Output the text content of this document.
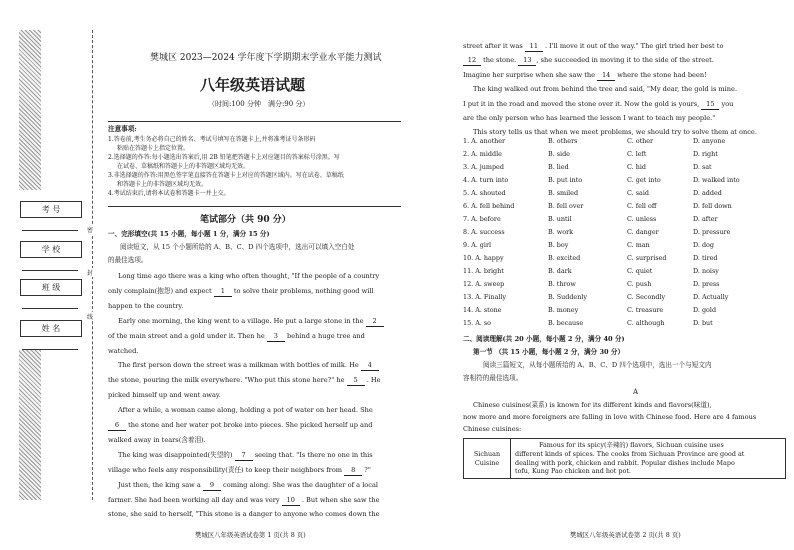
考 号
学 校
班 级
姓 名
密
封
线
樊城区 2023—2024 学年度下学期期末学业水平能力测试
八年级英语试题
（时间:100 分钟　满分:90 分）
注意事项:
1.答卷前,考生务必将自己的姓名、考试号填写在答题卡上,并将准考证号条形码
粘贴在答题卡上指定位置。
2.选择题的作答:每小题选出答案后,用 2B 铅笔把答题卡上对应题目的答案标号涂黑。写
在试卷、草稿纸和答题卡上的非答题区域均无效。
3.非选择题的作答:用黑色签字笔直接答在答题卡上对应的答题区域内。写在试卷、草稿纸
和答题卡上的非答题区域均无效。
4.考试结束后,请将本试卷和答题卡一并上交。
笔试部分（共 90 分）
一、完形填空(共 15 小题，每小题 1 分，满分 15 分)
阅读短文，从 15 个小题所给的 A、B、C、D 四个选项中，选出可以填入空白处
的最佳选项。
Long time ago there was a king who often thought, "If the people of a country
only complain(抱怨) and expect 1 to solve their problems, nothing good will
happen to the country.
Early one morning, the king went to a village. He put a large stone in the 2
of the main street and a gold under it. Then he 3 behind a huge tree and
watched.
The first person down the street was a milkman with bottles of milk. He 4
the stone, pouring the milk everywhere. "Who put this stone here?" he 5 . He
picked himself up and went away.
After a while, a woman came along, holding a pot of water on her head. She
6 the stone and her water pot broke into pieces. She picked herself up and
walked away in tears(含着泪).
The king was disappointed(失望的) 7 seeing that. "Is there no one in this
village who feels any responsibility(责任) to keep their neighbors from 8 ?"
Just then, the king saw a 9 coming along. She was the daughter of a local
farmer. She had been working all day and was very 10 . But when she saw the
stone, she said to herself, "This stone is a danger to anyone who comes down the
樊城区八年级英语试卷第 1 页(共 8 页)
street after it was 11 . I'll move it out of the way." The girl tried her best to
12 the stone. 13 , she succeeded in moving it to the side of the street.
Imagine her surprise when she saw the 14 where the stone had been!
The king walked out from behind the tree and said, "My dear, the gold is mine.
I put it in the road and moved the stone over it. Now the gold is yours, 15 you
are the only person who has learned the lesson I want to teach my people."
This story tells us that when we meet problems, we should try to solve them at once.
1. A. another	B. others	C. other	D. anyone
2. A. middle	B. side	C. left	D. right
3. A. jumped	B. lied	C. hid	D. sat
4. A. turn into	B. put into	C. get into	D. walked into
5. A. shouted	B. smiled	C. said	D. added
6. A. fell behind	B. fell over	C. fell off	D. fell down
7. A. before	B. until	C. unless	D. after
8. A. success	B. work	C. danger	D. pressure
9. A. girl	B. boy	C. man	D. dog
10. A. happy	B. excited	C. surprised	D. tired
11. A. bright	B. dark	C. quiet	D. noisy
12. A. sweep	B. throw	C. push	D. press
13. A. Finally	B. Suddenly	C. Secondly	D. Actually
14. A. stone	B. money	C. treasure	D. gold
15. A. so	B. because	C. although	D. but
二、阅读理解(共 20 小题，每小题 2 分，满分 40 分)
第一节 （共 15 小题，每小题 2 分，满分 30 分）
阅读三篇短文，从每小题所给的 A、B、C、D 四个选项中，选出一个与短文内
容相符的最佳选项。
A
Chinese cuisines(菜系) is known for its different kinds and flavors(味道),
now more and more foreigners are falling in love with Chinese food. Here are 4 famous
Chinese cuisines:
樊城区八年级英语试卷第 2 页(共 8 页)
Sichuan Cuisine	
Famous for its spicy(辛辣的) flavors, Sichuan cuisine uses
different kinds of spices. The cooks from Sichuan Province are good at
dealing with pork, chicken and rabbit. Popular dishes include Mapo
tofu, Kung Pao chicken and hot pot.
